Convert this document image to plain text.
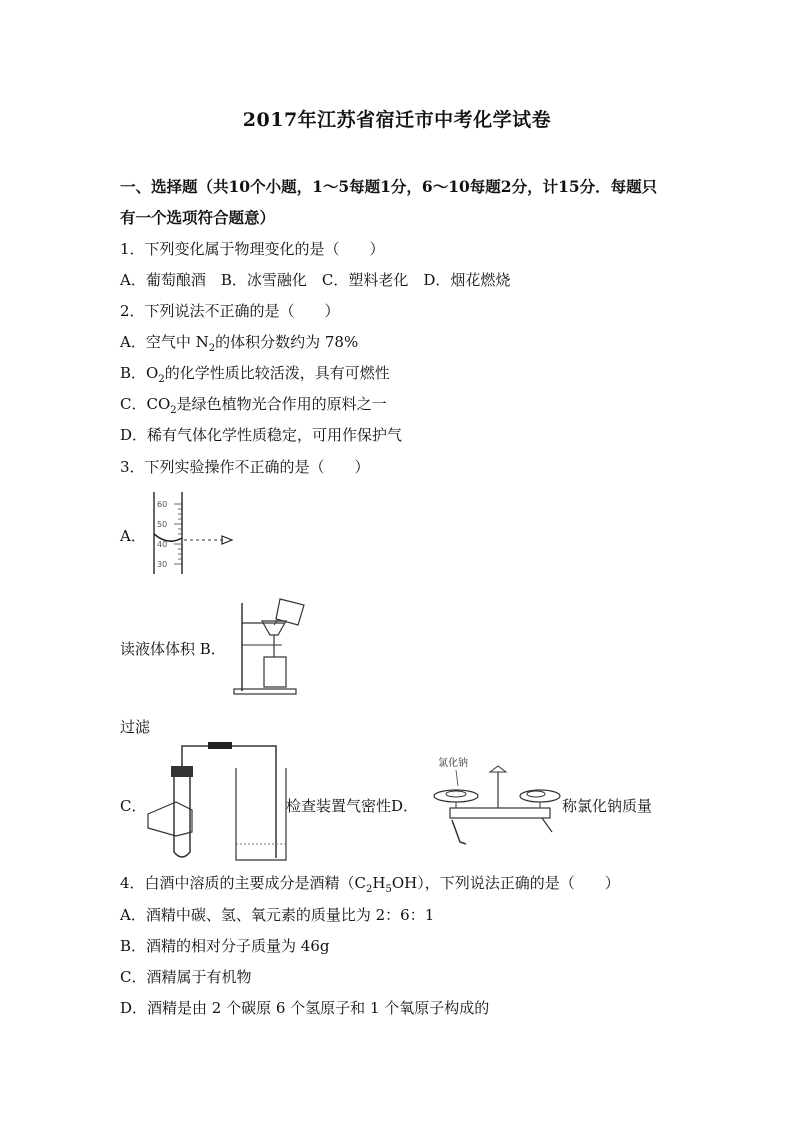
2017年江苏省宿迁市中考化学试卷
一、选择题（共10个小题，1～5每题1分，6～10每题2分，计15分．每题只
有一个选项符合题意）
1．下列变化属于物理变化的是（　　）
A．葡萄酿酒　B．冰雪融化　C．塑料老化　D．烟花燃烧
2．下列说法不正确的是（　　）
A．空气中 $N_2$的体积分数约为 78%
B．$O_2$的化学性质比较活泼，具有可燃性
C．$CO_2$是绿色植物光合作用的原料之一
D．稀有气体化学性质稳定，可用作保护气
3．下列实验操作不正确的是（　　）
A．
60
50
40
30
读液体体积 B．
过滤
C．	检查装置气密性D．
氯化钠
称氯化钠质量
4．白酒中溶质的主要成分是酒精$(C_2H_5OH)$，下列说法正确的是（　　）
A．酒精中碳、氢、氧元素的质量比为 2：6：1
B．酒精的相对分子质量为 46g
C．酒精属于有机物
D．酒精是由 2 个碳原 6 个氢原子和 1 个氧原子构成的
